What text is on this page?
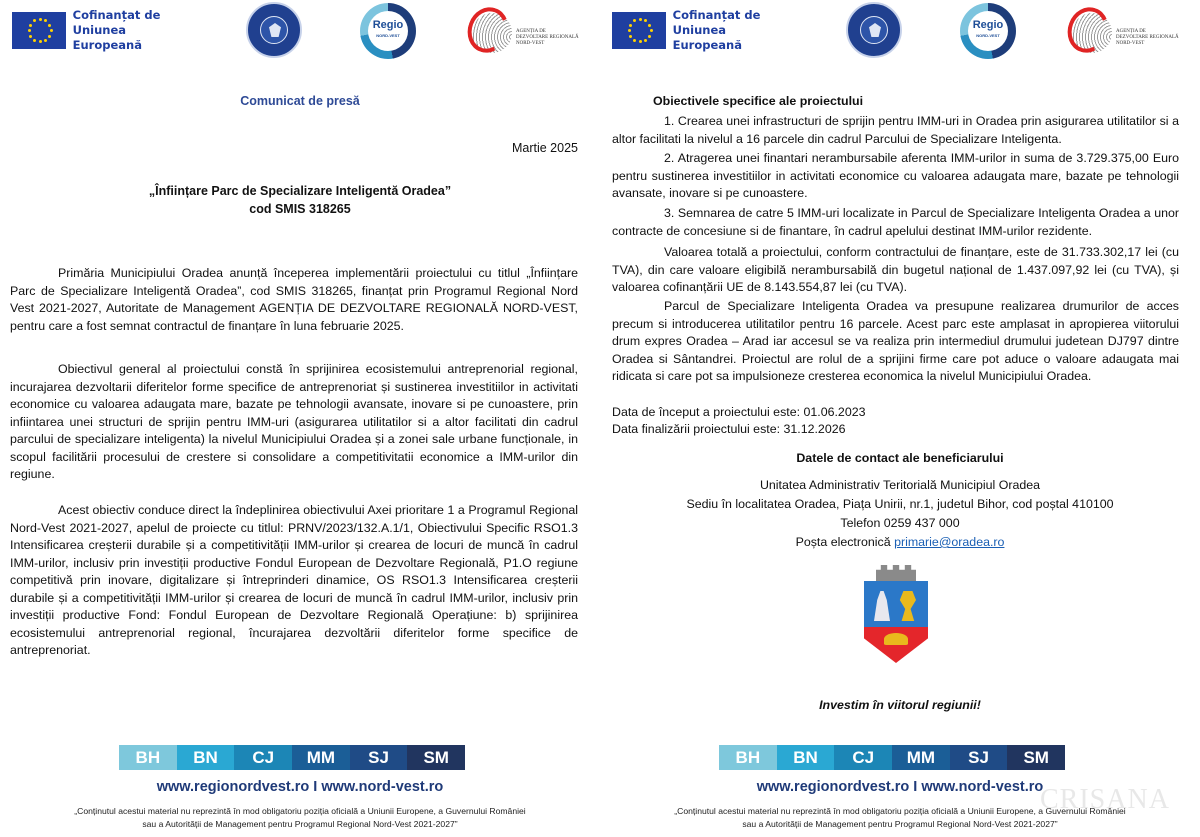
Cofinanțat de
Uniunea Europeană
Regio
NORD-VEST
AGENȚIA DE
DEZVOLTARE REGIONALĂ
NORD-VEST
Comunicat de presă
Martie 2025
„Înființare Parc de Specializare Inteligentă Oradea”
cod SMIS 318265

Primăria Municipiului Oradea anunță începerea implementării proiectului cu titlul „Înființare Parc de Specializare Inteligentă Oradea”, cod SMIS 318265, finanțat prin Programul Regional Nord Vest 2021-2027, Autoritate de Management AGENȚIA DE DEZVOLTARE REGIONALĂ NORD-VEST, pentru care a fost semnat contractul de finanțare în luna februarie 2025.

Obiectivul general al proiectului constă în sprijinirea ecosistemului antreprenorial regional, incurajarea dezvoltarii diferitelor forme specifice de antreprenoriat și sustinerea investitiilor in activitati economice cu valoarea adaugata mare, bazate pe tehnologii avansate, inovare si pe cunoastere, prin infiintarea unei structuri de sprijin pentru IMM-uri (asigurarea utilitatilor si a altor facilitati din cadrul parcului de specializare inteligenta) la nivelul Municipiului Oradea și a zonei sale urbane funcționale, in scopul facilitării procesului de crestere si consolidare a competitivitatii economice a IMM-urilor din regiune.

Acest obiectiv conduce direct la îndeplinirea obiectivului Axei prioritare 1 a Programul Regional Nord-Vest 2021-2027, apelul de proiecte cu titlul: PRNV/2023/132.A.1/1, Obiectivului Specific RSO1.3 Intensificarea creșterii durabile și a competitivității IMM-urilor și crearea de locuri de muncă în cadrul IMM-urilor, inclusiv prin investiții productive Fondul European de Dezvoltare Regională, P1.O regiune competitivă prin inovare, digitalizare și întreprinderi dinamice, OS RSO1.3 Intensificarea creșterii durabile și a competitivității IMM-urilor și crearea de locuri de muncă în cadrul IMM-urilor, inclusiv prin investiții productive Fond: Fondul European de Dezvoltare Regională Operațiune: b) sprijinirea ecosistemului antreprenorial regional, încurajarea dezvoltării diferitelor forme specifice de antreprenoriat.

BH	BN	CJ	MM	SJ	SM
www.regionordvest.ro I www.nord-vest.ro
„Conținutul acestui material nu reprezintă în mod obligatoriu poziția oficială a Uniunii Europene, a Guvernului României
sau a Autorității de Management pentru Programul Regional Nord-Vest 2021-2027”
Cofinanțat de
Uniunea Europeană
Regio
NORD-VEST
AGENȚIA DE
DEZVOLTARE REGIONALĂ
NORD-VEST
BH	BN	CJ	MM	SJ	SM
www.regionordvest.ro I www.nord-vest.ro
„Conținutul acestui material nu reprezintă în mod obligatoriu poziția oficială a Uniunii Europene, a Guvernului României
sau a Autorității de Management pentru Programul Regional Nord-Vest 2021-2027”
Obiectivele specifice ale proiectului

1. Crearea unei infrastructuri de sprijin pentru IMM-uri in Oradea prin asigurarea utilitatilor si a altor facilitati la nivelul a 16 parcele din cadrul Parcului de Specializare Inteligenta.

2. Atragerea unei finantari nerambursabile aferenta IMM-urilor in suma de 3.729.375,00 Euro pentru sustinerea investitiilor in activitati economice cu valoarea adaugata mare, bazate pe tehnologii avansate, inovare si pe cunoastere.

3. Semnarea de catre 5 IMM-uri localizate in Parcul de Specializare Inteligenta Oradea a unor contracte de concesiune si de finantare, în cadrul apelului destinat IMM-urilor rezidente.

Valoarea totală a proiectului, conform contractului de finanțare, este de 31.733.302,17 lei (cu TVA), din care valoare eligibilă nerambursabilă din bugetul național de 1.437.097,92 lei (cu TVA), și valoarea cofinanțării UE de 8.143.554,87 lei (cu TVA).

Parcul de Specializare Inteligenta Oradea va presupune realizarea drumurilor de acces precum si introducerea utilitatilor pentru 16 parcele. Acest parc este amplasat in apropierea viitorului drum expres Oradea – Arad iar accesul se va realiza prin intermediul drumului judetean DJ797 dintre Oradea si Sântandrei. Proiectul are rolul de a sprijini firme care pot aduce o valoare adaugata mai ridicata si care pot sa impulsioneze cresterea economica la nivelul Municipiului Oradea.

Data de început a proiectului este: 01.06.2023
Data finalizării proiectului este: 31.12.2026
Datele de contact ale beneficiarului
Unitatea Administrativ Teritorială Municipiul Oradea
Sediu în localitatea Oradea, Piața Unirii, nr.1, judetul Bihor, cod poștal 410100
Telefon 0259 437 000
Poșta electronică primarie@oradea.ro
Investim în viitorul regiunii!
CRIȘANA
